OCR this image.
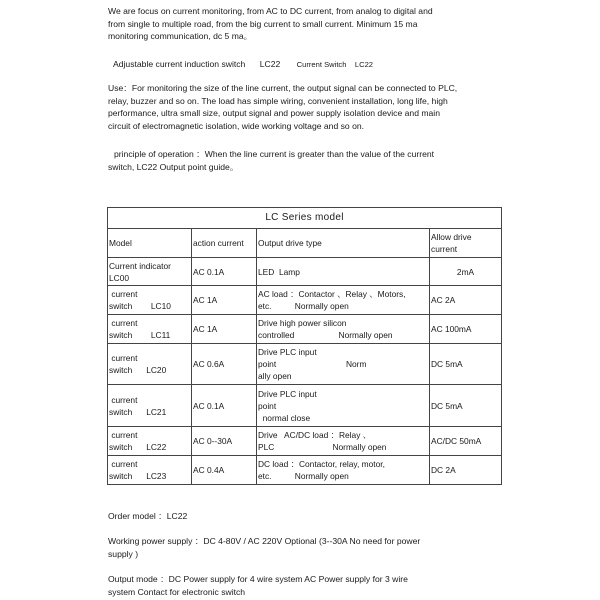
We are focus on current monitoring, from AC to DC current, from analog to digital and
from single to multiple road, from the big current to small current. Minimum 15 ma
monitoring communication, dc 5 ma。
Adjustable current induction switch LC22 Current Switch LC22
Use：For monitoring the size of the line current, the output signal can be connected to PLC,
relay, buzzer and so on. The load has simple wiring, convenient installation, long life, high
performance, ultra small size, output signal and power supply isolation device and main
circuit of electromagnetic isolation, wide working voltage and so on.
principle of operation ：When the line current is greater than the value of the current
switch, LC22 Output point guide。
LC Series model			
Model	action current	Output drive type	Allow drive
current

Current indicator
LC00	AC 0.1A	LED  Lamp	2mA

current
switch        LC10	AC 1A	AC load ：Contactor 、Relay 、Motors,
etc.          Normally open	AC 2A

current
switch        LC11	AC 1A	Drive high power silicon
controlled                   Normally open	AC 100mA

current
switch      LC20	AC 0.6A	Drive PLC input
point                              Norm
ally open	DC 5mA

current
switch      LC21	AC 0.1A	Drive PLC input
point
normal close	DC 5mA

current
switch      LC22	AC 0--30A	Drive   AC/DC load ：Relay 、
PLC                         Normally open	AC/DC 50mA

current
switch      LC23	AC 0.4A	DC load ：Contactor, relay, motor,
etc.          Normally open	DC 2A
Order model ：LC22
Working power supply ：DC 4-80V / AC 220V Optional (3--30A No need for power
supply )
Output mode ：DC Power supply for 4 wire system AC Power supply for 3 wire
system Contact for electronic switch
